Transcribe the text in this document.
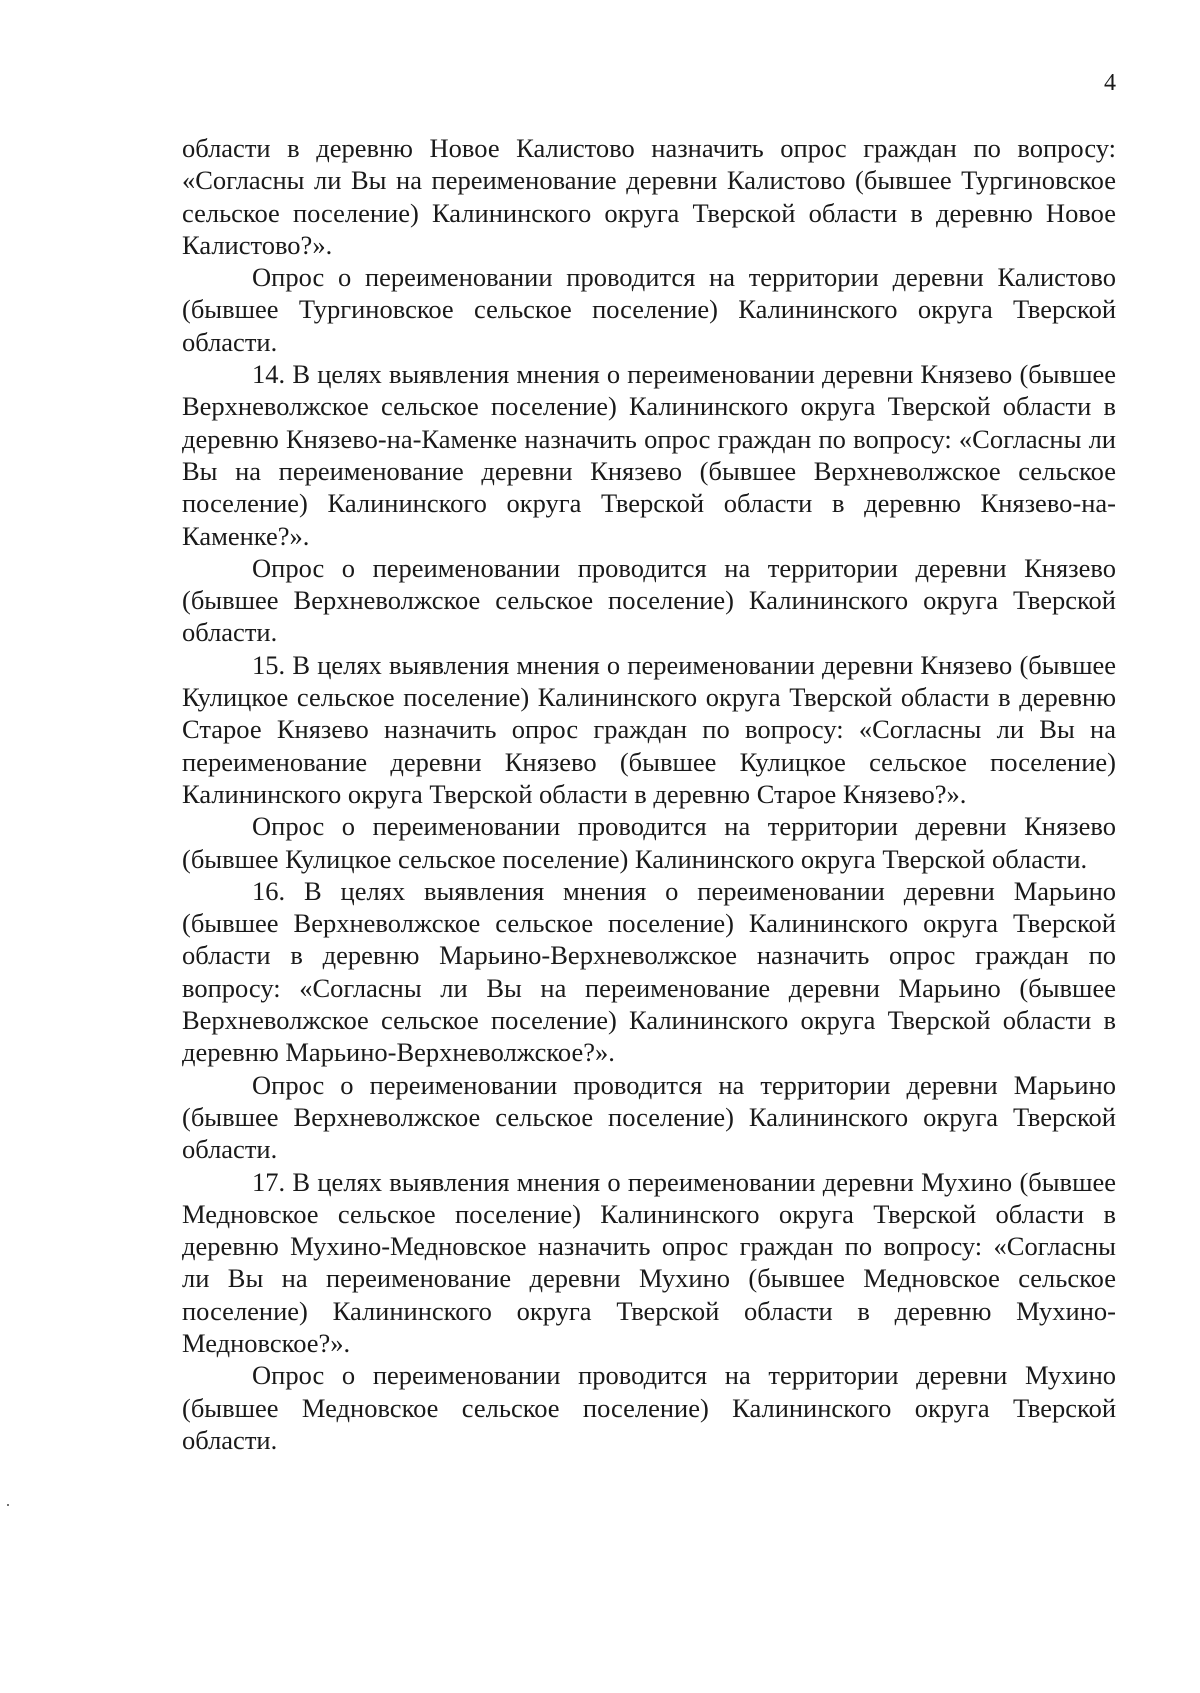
4

области в деревню Новое Калистово назначить опрос граждан по вопросу: «Согласны ли Вы на переименование деревни Калистово (бывшее Тургиновское сельское поселение) Калининского округа Тверской области в деревню Новое Калистово?».

Опрос о переименовании проводится на территории деревни Калистово (бывшее Тургиновское сельское поселение) Калининского округа Тверской области.

14. В целях выявления мнения о переименовании деревни Князево (бывшее Верхневолжское сельское поселение) Калининского округа Тверской области в деревню Князево-на-Каменке назначить опрос граждан по вопросу: «Согласны ли Вы на переименование деревни Князево (бывшее Верхневолжское сельское поселение) Калининского округа Тверской области в деревню Князево-на-Каменке?».

Опрос о переименовании проводится на территории деревни Князево (бывшее Верхневолжское сельское поселение) Калининского округа Тверской области.

15. В целях выявления мнения о переименовании деревни Князево (бывшее Кулицкое сельское поселение) Калининского округа Тверской области в деревню Старое Князево назначить опрос граждан по вопросу: «Согласны ли Вы на переименование деревни Князево (бывшее Кулицкое сельское поселение) Калининского округа Тверской области в деревню Старое Князево?».

Опрос о переименовании проводится на территории деревни Князево (бывшее Кулицкое сельское поселение) Калининского округа Тверской области.

16. В целях выявления мнения о переименовании деревни Марьино (бывшее Верхневолжское сельское поселение) Калининского округа Тверской области в деревню Марьино-Верхневолжское назначить опрос граждан по вопросу: «Согласны ли Вы на переименование деревни Марьино (бывшее Верхневолжское сельское поселение) Калининского округа Тверской области в деревню Марьино-Верхневолжское?».

Опрос о переименовании проводится на территории деревни Марьино (бывшее Верхневолжское сельское поселение) Калининского округа Тверской области.

17. В целях выявления мнения о переименовании деревни Мухино (бывшее Медновское сельское поселение) Калининского округа Тверской области в деревню Мухино-Медновское назначить опрос граждан по вопросу: «Согласны ли Вы на переименование деревни Мухино (бывшее Медновское сельское поселение) Калининского округа Тверской области в деревню Мухино-Медновское?».

Опрос о переименовании проводится на территории деревни Мухино (бывшее Медновское сельское поселение) Калининского округа Тверской области.
